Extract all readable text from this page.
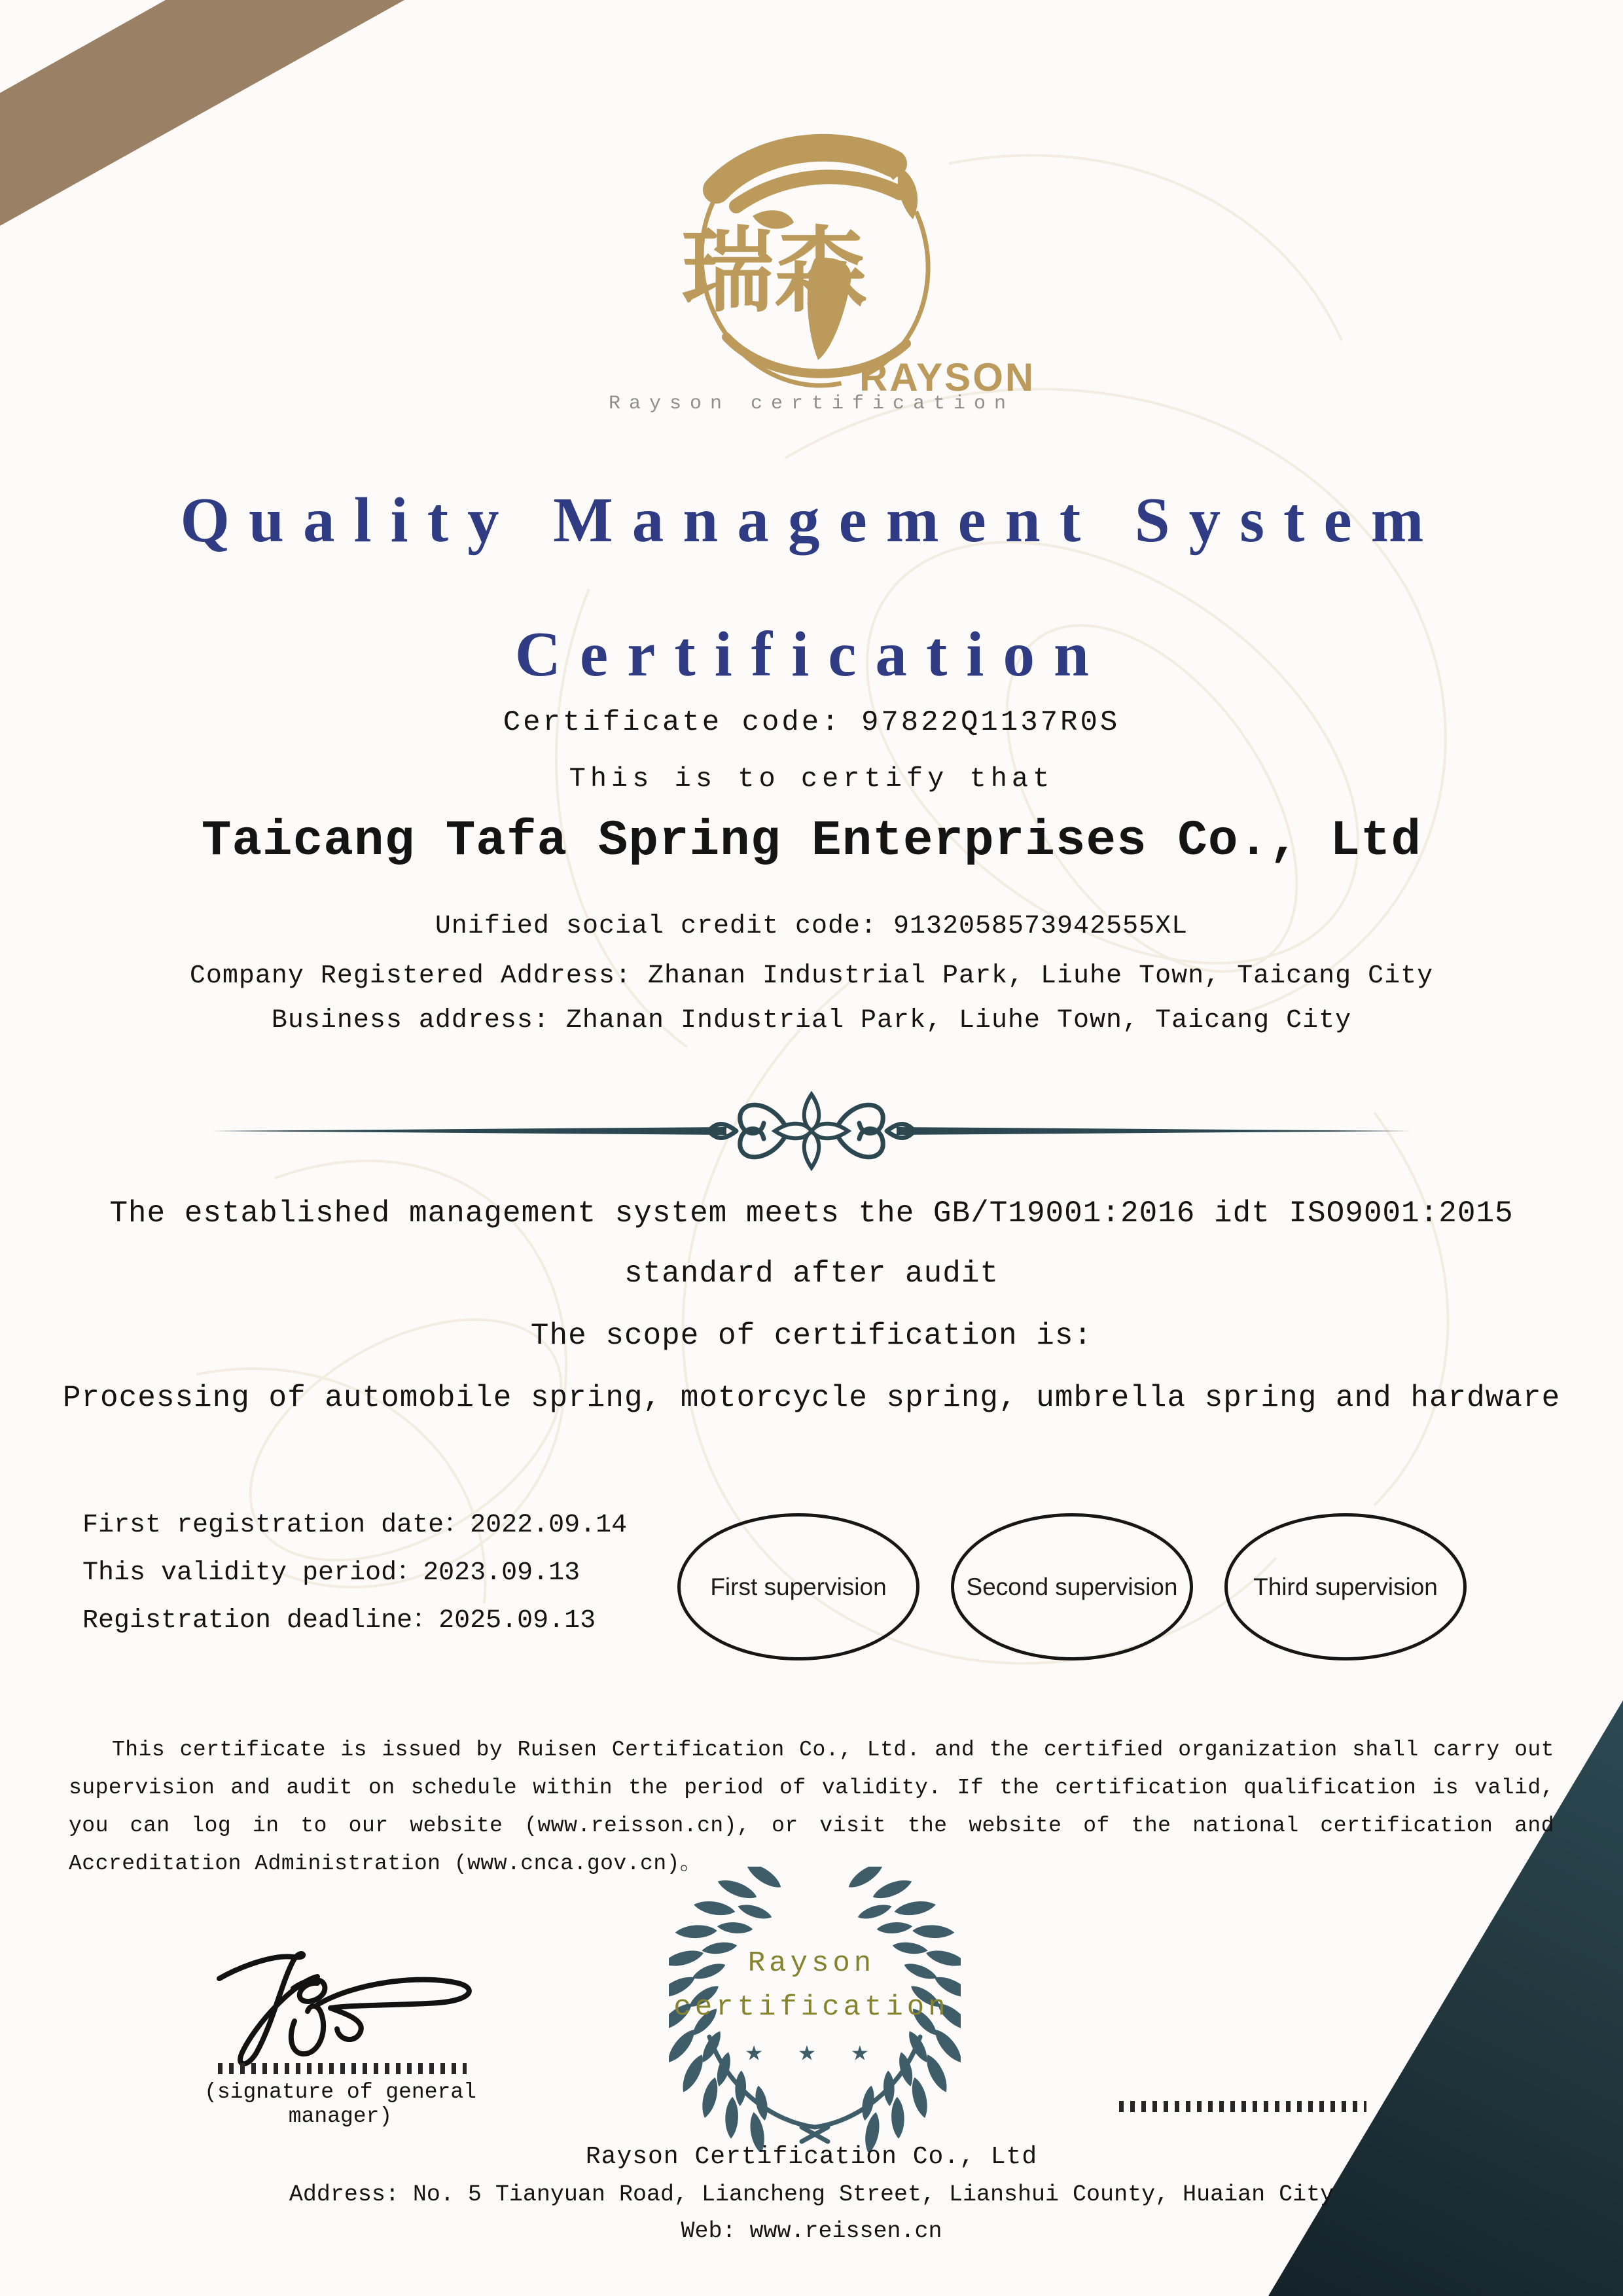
瑞森
RAYSON
Rayson certification
Quality Management System
Certification
Certificate code: 97822Q1137R0S
This is to certify that
Taicang Tafa Spring Enterprises Co., Ltd
Unified social credit code: 9132058573942555XL
Company Registered Address: Zhanan Industrial Park, Liuhe Town, Taicang City
Business address: Zhanan Industrial Park, Liuhe Town, Taicang City
The established management system meets the GB/T19001:2016 idt ISO9001:2015
standard after audit
The scope of certification is:
Processing of automobile spring, motorcycle spring, umbrella spring and hardware
First registration date：2022.09.14
This validity period：2023.09.13
Registration deadline：2025.09.13
First supervision	Second supervision	Third supervision
This certificate is issued by Ruisen Certification Co., Ltd. and the certified organization shall carry out supervision and audit on schedule within the period of validity. If the certification qualification is valid, you can log in to our website (www.reisson.cn), or visit the website of the national certification and Accreditation Administration (www.cnca.gov.cn)。
(signature of general manager)
Rayson
certification
★ ★ ★
Rayson Certification Co., Ltd
Address: No. 5 Tianyuan Road, Liancheng Street, Lianshui County, Huaian City
Web: www.reissen.cn
